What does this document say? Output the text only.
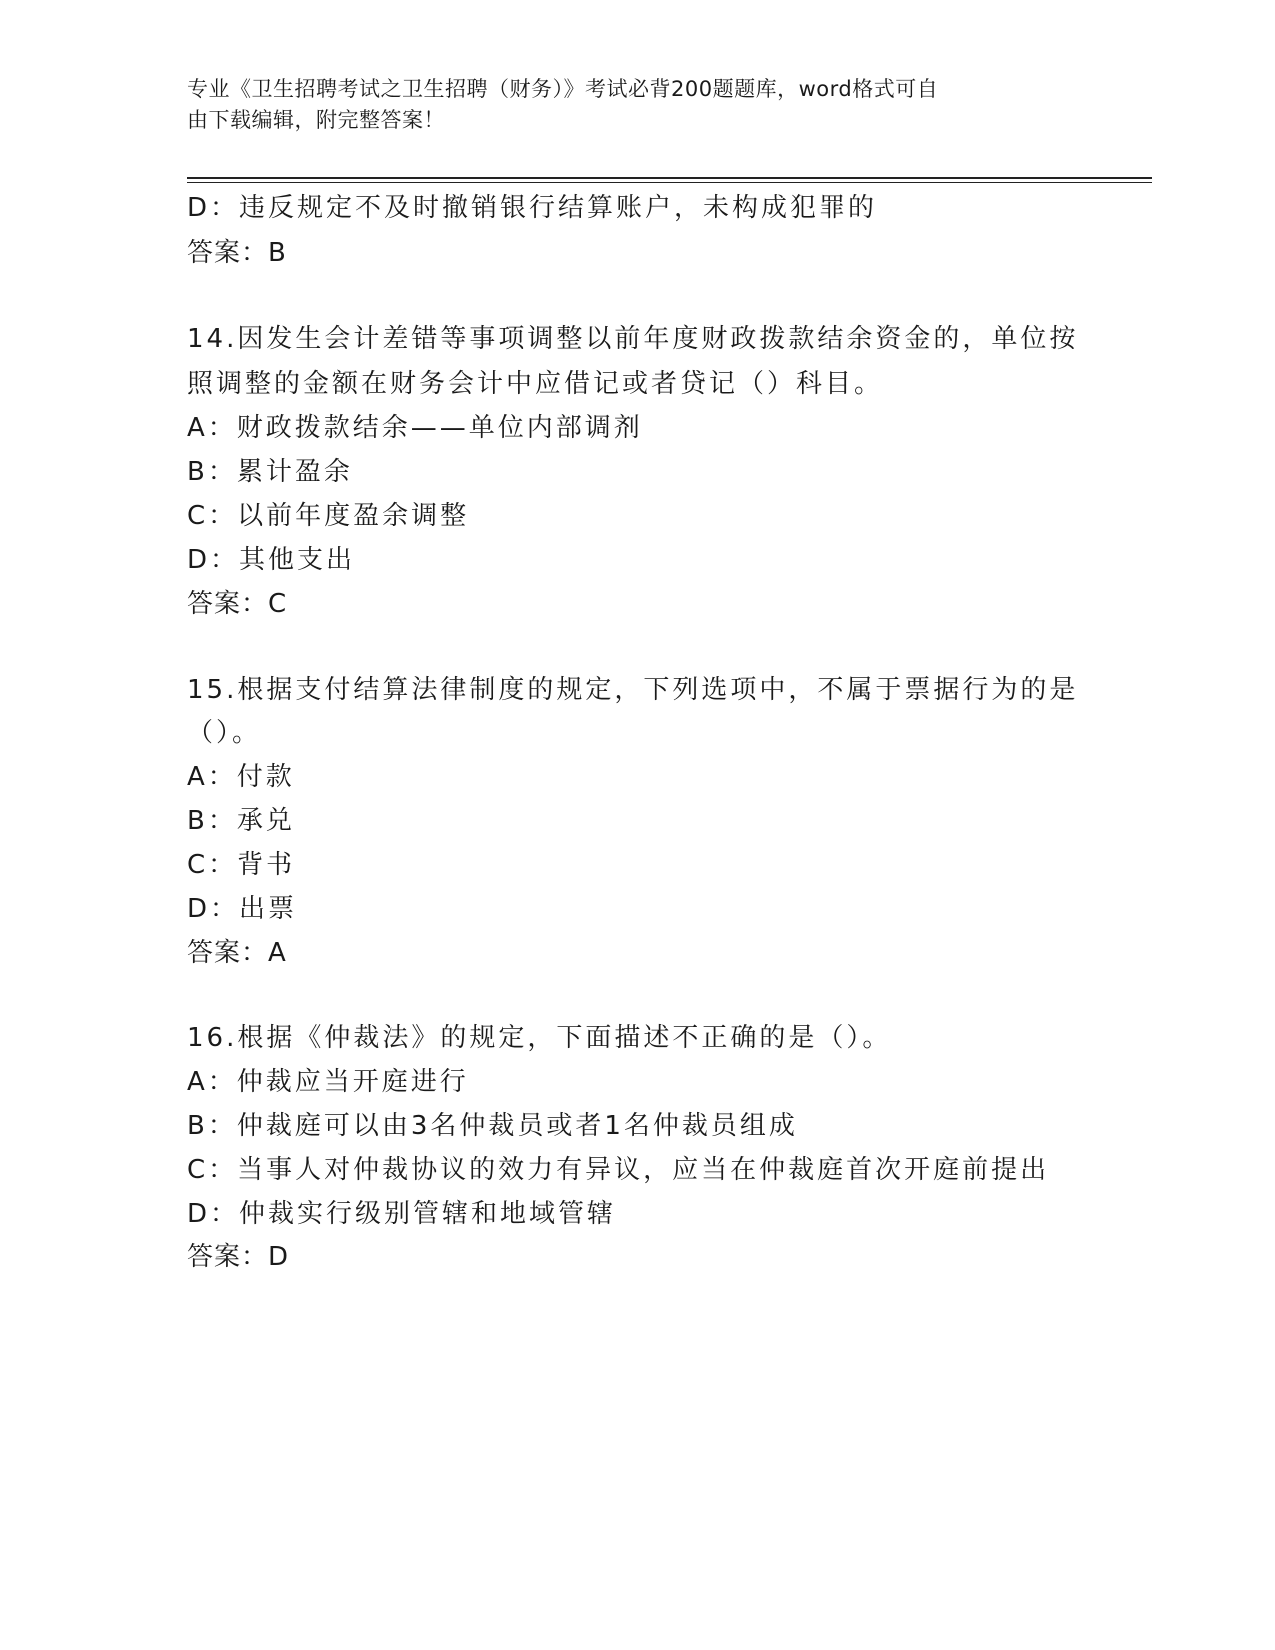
专业《卫生招聘考试之卫生招聘（财务）》考试必背200题题库，word格式可自
由下载编辑，附完整答案！
D：违反规定不及时撤销银行结算账户，未构成犯罪的
答案：B
14.因发生会计差错等事项调整以前年度财政拨款结余资金的，单位按
照调整的金额在财务会计中应借记或者贷记（）科目。
A：财政拨款结余——单位内部调剂
B：累计盈余
C：以前年度盈余调整
D：其他支出
答案：C
15.根据支付结算法律制度的规定，下列选项中，不属于票据行为的是
（）。
A：付款
B：承兑
C：背书
D：出票
答案：A
16.根据《仲裁法》的规定，下面描述不正确的是（）。
A：仲裁应当开庭进行
B：仲裁庭可以由3名仲裁员或者1名仲裁员组成
C：当事人对仲裁协议的效力有异议，应当在仲裁庭首次开庭前提出
D：仲裁实行级别管辖和地域管辖
答案：D
